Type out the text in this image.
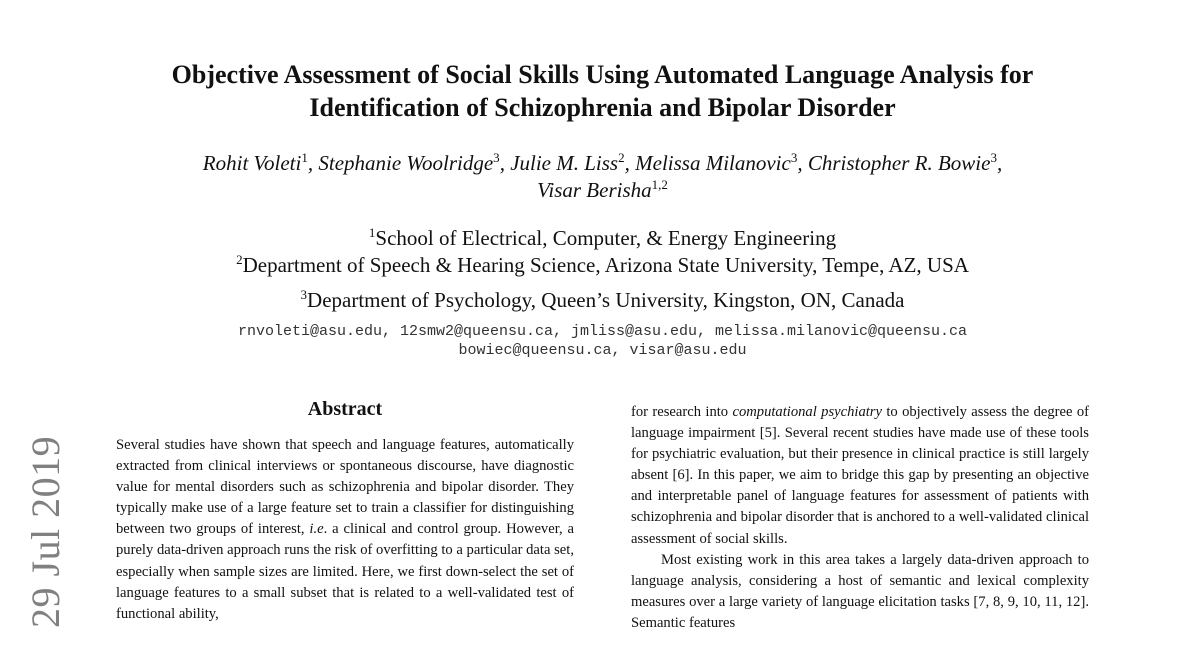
29 Jul 2019
Objective Assessment of Social Skills Using Automated Language Analysis for
Identification of Schizophrenia and Bipolar Disorder
Rohit Voleti$^1$, Stephanie Woolridge$^3$, Julie M. Liss$^2$, Melissa Milanovic$^3$, Christopher R. Bowie$^3$,
Visar Berisha$^{1,2}$
$^1$School of Electrical, Computer, & Energy Engineering
$^2$Department of Speech & Hearing Science, Arizona State University, Tempe, AZ, USA
$^3$Department of Psychology, Queen’s University, Kingston, ON, Canada
rnvoleti@asu.edu, 12smw2@queensu.ca, jmliss@asu.edu, melissa.milanovic@queensu.ca
bowiec@queensu.ca, visar@asu.edu
Abstract

Several studies have shown that speech and language features, automatically extracted from clinical interviews or spontaneous discourse, have diagnostic value for mental disorders such as schizophrenia and bipolar disorder. They typically make use of a large feature set to train a classifier for distinguishing between two groups of interest, i.e. a clinical and control group. However, a purely data-driven approach runs the risk of overfitting to a particular data set, especially when sample sizes are limited. Here, we first down-select the set of language features to a small subset that is related to a well-validated test of functional ability,

for research into computational psychiatry to objectively assess the degree of language impairment [5]. Several recent studies have made use of these tools for psychiatric evaluation, but their presence in clinical practice is still largely absent [6]. In this paper, we aim to bridge this gap by presenting an objective and interpretable panel of language features for assessment of patients with schizophrenia and bipolar disorder that is anchored to a well-validated clinical assessment of social skills.

Most existing work in this area takes a largely data-driven approach to language analysis, considering a host of semantic and lexical complexity measures over a large variety of language elicitation tasks [7, 8, 9, 10, 11, 12]. Semantic features
